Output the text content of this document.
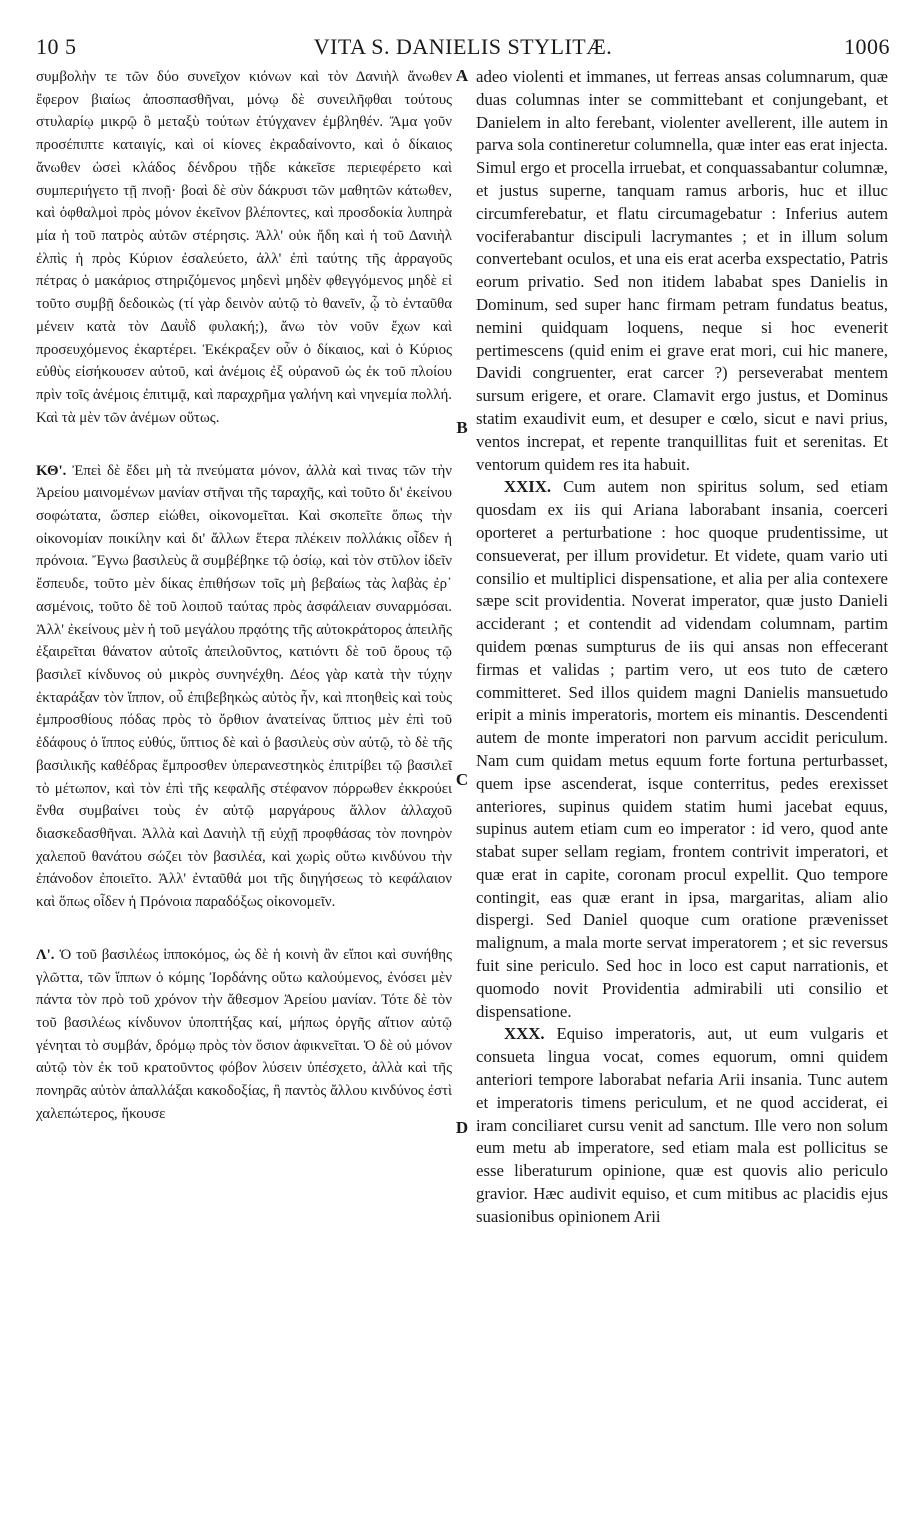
10 5	VITA S. DANIELIS STYLITÆ.	1006

συμβολὴν τε τῶν δύο συνεῖχον κιόνων καὶ τὸν Δανιὴλ ἄνωθεν ἔφερον βιαίως ἀποσπασθῆναι, μόνῳ δὲ συνειλῆφθαι τούτους στυλαρίῳ μικρῷ ὃ μεταξὺ τούτων ἐτύγχανεν ἐμβληθέν. Ἅμα γοῦν προσέπιπτε καταιγίς, καὶ οἱ κίονες ἐκραδαίνοντο, καὶ ὁ δίκαιος ἄνωθεν ὡσεὶ κλάδος δένδρου τῇδε κἀκεῖσε περιεφέρετο καὶ συμπεριήγετο τῇ πνοῇ· βοαὶ δὲ σὺν δάκρυσι τῶν μαθητῶν κάτωθεν, καὶ ὀφθαλμοὶ πρὸς μόνον ἐκεῖνον βλέποντες, καὶ προσδοκία λυπηρὰ μία ἡ τοῦ πατρὸς αὐτῶν στέρησις. Ἀλλ' οὐκ ἤδη καὶ ἡ τοῦ Δανιὴλ ἐλπὶς ἡ πρὸς Κύριον ἐσαλεύετο, ἀλλ' ἐπὶ ταύτης τῆς ἀρραγοῦς πέτρας ὁ μακάριος στηριζόμενος μηδενὶ μηδὲν φθεγγόμενος μηδὲ εἰ τοῦτο συμβῇ δεδοικὼς (τί γὰρ δεινὸν αὐτῷ τὸ θανεῖν, ᾧ τὸ ἐνταῦθα μένειν κατὰ τὸν Δαυῒδ φυλακή;), ἄνω τὸν νοῦν ἔχων καὶ προσευχόμενος ἐκαρτέρει. Ἐκέκραξεν οὖν ὁ δίκαιος, καὶ ὁ Κύριος εὐθὺς εἰσήκουσεν αὐτοῦ, καὶ ἀνέμοις ἐξ οὐρανοῦ ὡς ἐκ τοῦ πλοίου πρὶν τοῖς ἀνέμοις ἐπιτιμᾷ, καὶ παραχρῆμα γαλήνη καὶ νηνεμία πολλή. Καὶ τὰ μὲν τῶν ἀνέμων οὕτως.

ΚΘ'. Ἐπεὶ δὲ ἔδει μὴ τὰ πνεύματα μόνον, ἀλλὰ καὶ τινας τῶν τὴν Ἀρείου μαινομένων μανίαν στῆναι τῆς ταραχῆς, καὶ τοῦτο δι' ἐκείνου σοφώτατα, ὥσπερ εἰώθει, οἰκονομεῖται. Καὶ σκοπεῖτε ὅπως τὴν οἰκονομίαν ποικίλην καὶ δι' ἄλλων ἕτερα πλέκειν πολλάκις οἶδεν ἡ πρόνοια. Ἔγνω βασιλεὺς ἃ συμβέβηκε τῷ ὁσίῳ, καὶ τὸν στῦλον ἰδεῖν ἔσπευδε, τοῦτο μὲν δίκας ἐπιθήσων τοῖς μὴ βεβαίως τὰς λαβὰς ἐρ᾽ ασμένοις, τοῦτο δὲ τοῦ λοιποῦ ταύτας πρὸς ἀσφάλειαν συναρμόσαι. Ἀλλ' ἐκείνους μὲν ἡ τοῦ μεγάλου πρᾳότης τῆς αὐτοκράτορος ἀπειλῆς ἐξαιρεῖται θάνατον αὐτοῖς ἀπειλοῦντος, κατιόντι δὲ τοῦ ὄρους τῷ βασιλεῖ κίνδυνος οὐ μικρὸς συνηνέχθη. Δέος γὰρ κατὰ τὴν τύχην ἐκταράξαν τὸν ἵππον, οὗ ἐπιβεβηκὼς αὐτὸς ἦν, καὶ πτοηθεὶς καὶ τοὺς ἐμπροσθίους πόδας πρὸς τὸ ὄρθιον ἀνατείνας ὕπτιος μὲν ἐπὶ τοῦ ἐδάφους ὁ ἵππος εὐθύς, ὕπτιος δὲ καὶ ὁ βασιλεὺς σὺν αὐτῷ, τὸ δὲ τῆς βασιλικῆς καθέδρας ἔμπροσθεν ὑπερανεστηκὸς ἐπιτρίβει τῷ βασιλεῖ τὸ μέτωπον, καὶ τὸν ἐπὶ τῆς κεφαλῆς στέφανον πόρρωθεν ἐκκρούει ἔνθα συμβαίνει τοὺς ἐν αὐτῷ μαργάρους ἄλλον ἀλλαχοῦ διασκεδασθῆναι. Ἀλλὰ καὶ Δανιὴλ τῇ εὐχῇ προφθάσας τὸν πονηρὸν χαλεποῦ θανάτου σώζει τὸν βασιλέα, καὶ χωρὶς οὕτω κινδύνου τὴν ἐπάνοδον ἐποιεῖτο. Ἀλλ' ἐνταῦθά μοι τῆς διηγήσεως τὸ κεφάλαιον καὶ ὅπως οἶδεν ἡ Πρόνοια παραδόξως οἰκονομεῖν.

Λ'. Ὁ τοῦ βασιλέως ἱπποκόμος, ὡς δὲ ἡ κοινὴ ἂν εἴποι καὶ συνήθης γλῶττα, τῶν ἵππων ὁ κόμης Ἰορδάνης οὕτω καλούμενος, ἐνόσει μὲν πάντα τὸν πρὸ τοῦ χρόνον τὴν ἄθεσμον Ἀρείου μανίαν. Τότε δὲ τὸν τοῦ βασιλέως κίνδυνον ὑποπτήξας καί, μήπως ὀργῆς αἴτιον αὐτῷ γένηται τὸ συμβάν, δρόμῳ πρὸς τὸν ὅσιον ἀφικνεῖται. Ὁ δὲ οὐ μόνον αὐτῷ τὸν ἐκ τοῦ κρατοῦντος φόβον λύσειν ὑπέσχετο, ἀλλὰ καὶ τῆς πονηρᾶς αὐτὸν ἀπαλλάξαι κακοδοξίας, ἣ παντὸς ἄλλου κινδύνος ἐστὶ χαλεπώτερος, ἤκουσε

A
B
C
D

adeo violenti et immanes, ut ferreas ansas columnarum, quæ duas columnas inter se committebant et conjungebant, et Danielem in alto ferebant, violenter avellerent, ille autem in parva sola contineretur columnella, quæ inter eas erat injecta. Simul ergo et procella irruebat, et conquassabantur columnæ, et justus superne, tanquam ramus arboris, huc et illuc circumferebatur, et flatu circumagebatur : Inferius autem vociferabantur discipuli lacrymantes ; et in illum solum convertebant oculos, et una eis erat acerba exspectatio, Patris eorum privatio. Sed non itidem lababat spes Danielis in Dominum, sed super hanc firmam petram fundatus beatus, nemini quidquam loquens, neque si hoc evenerit pertimescens (quid enim ei grave erat mori, cui hic manere, Davidi congruenter, erat carcer ?) perseverabat mentem sursum erigere, et orare. Clamavit ergo justus, et Dominus statim exaudivit eum, et desuper e cœlo, sicut e navi prius, ventos increpat, et repente tranquillitas fuit et serenitas. Et ventorum quidem res ita habuit.

XXIX. Cum autem non spiritus solum, sed etiam quosdam ex iis qui Ariana laborabant insania, coerceri oporteret a perturbatione : hoc quoque prudentissime, ut consueverat, per illum providetur. Et videte, quam vario uti consilio et multiplici dispensatione, et alia per alia contexere sæpe scit providentia. Noverat imperator, quæ justo Danieli acciderant ; et contendit ad videndam columnam, partim quidem pœnas sumpturus de iis qui ansas non effecerant firmas et validas ; partim vero, ut eos tuto de cætero committeret. Sed illos quidem magni Danielis mansuetudo eripit a minis imperatoris, mortem eis minantis. Descendenti autem de monte imperatori non parvum accidit periculum. Nam cum quidam metus equum forte fortuna perturbasset, quem ipse ascenderat, isque conterritus, pedes erexisset anteriores, supinus quidem statim humi jacebat equus, supinus autem etiam cum eo imperator : id vero, quod ante stabat super sellam regiam, frontem contrivit imperatori, et quæ erat in capite, coronam procul expellit. Quo tempore contingit, eas quæ erant in ipsa, margaritas, aliam alio dispergi. Sed Daniel quoque cum oratione prævenisset malignum, a mala morte servat imperatorem ; et sic reversus fuit sine periculo. Sed hoc in loco est caput narrationis, et quomodo novit Providentia admirabili uti consilio et dispensatione.

XXX. Equiso imperatoris, aut, ut eum vulgaris et consueta lingua vocat, comes equorum, omni quidem anteriori tempore laborabat nefaria Arii insania. Tunc autem et imperatoris timens periculum, et ne quod acciderat, ei iram conciliaret cursu venit ad sanctum. Ille vero non solum eum metu ab imperatore, sed etiam mala est pollicitus se esse liberaturum opinione, quæ est quovis alio periculo gravior. Hæc audivit equiso, et cum mitibus ac placidis ejus suasionibus opinionem Arii
